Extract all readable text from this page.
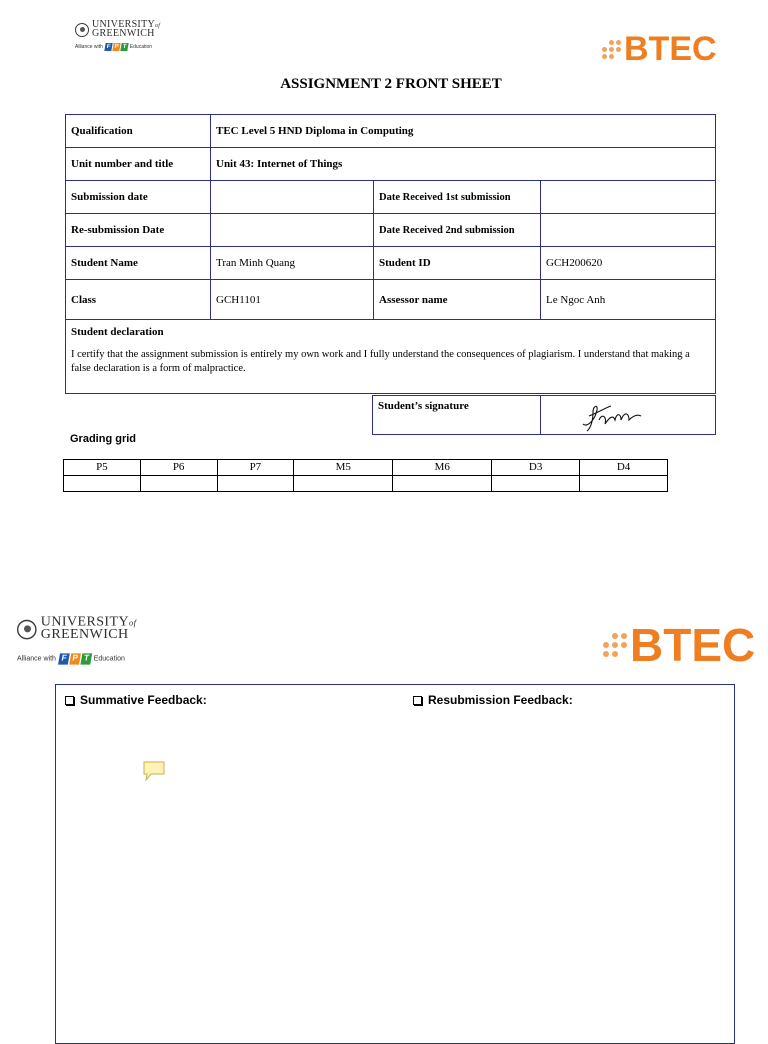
UNIVERSITYof
GREENWICH
Alliance with F P T Education	BTEC
ASSIGNMENT 2 FRONT SHEET
Qualification	TEC Level 5 HND Diploma in Computing		
Unit number and title	Unit 43: Internet of Things		
Submission date		Date Received 1st submission	
Re-submission Date		Date Received 2nd submission	
Student Name	Tran Minh Quang	Student ID	GCH200620
Class	GCH1101	Assessor name	Le Ngoc Anh

Student declaration
I certify that the assignment submission is entirely my own work and I fully understand the consequences of plagiarism. I understand that making a false declaration is a form of malpractice.			
Student’s signature
Grading grid
P5	P6	P7	M5	M6	D3	D4

UNIVERSITYof
GREENWICH
Alliance with F P T Education	BTEC
Summative Feedback:	Resubmission Feedback:
